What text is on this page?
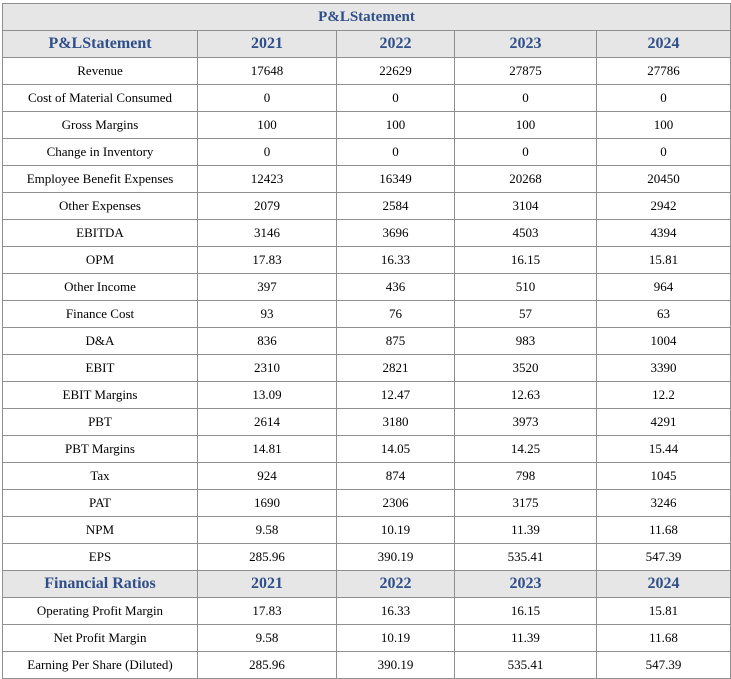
P&LStatement				
P&LStatement	2021	2022	2023	2024
Revenue	17648	22629	27875	27786
Cost of Material Consumed	0	0	0	0
Gross Margins	100	100	100	100
Change in Inventory	0	0	0	0
Employee Benefit Expenses	12423	16349	20268	20450
Other Expenses	2079	2584	3104	2942
EBITDA	3146	3696	4503	4394
OPM	17.83	16.33	16.15	15.81
Other Income	397	436	510	964
Finance Cost	93	76	57	63
D&A	836	875	983	1004
EBIT	2310	2821	3520	3390
EBIT Margins	13.09	12.47	12.63	12.2
PBT	2614	3180	3973	4291
PBT Margins	14.81	14.05	14.25	15.44
Tax	924	874	798	1045
PAT	1690	2306	3175	3246
NPM	9.58	10.19	11.39	11.68
EPS	285.96	390.19	535.41	547.39
Financial Ratios	2021	2022	2023	2024
Operating Profit Margin	17.83	16.33	16.15	15.81
Net Profit Margin	9.58	10.19	11.39	11.68
Earning Per Share (Diluted)	285.96	390.19	535.41	547.39
